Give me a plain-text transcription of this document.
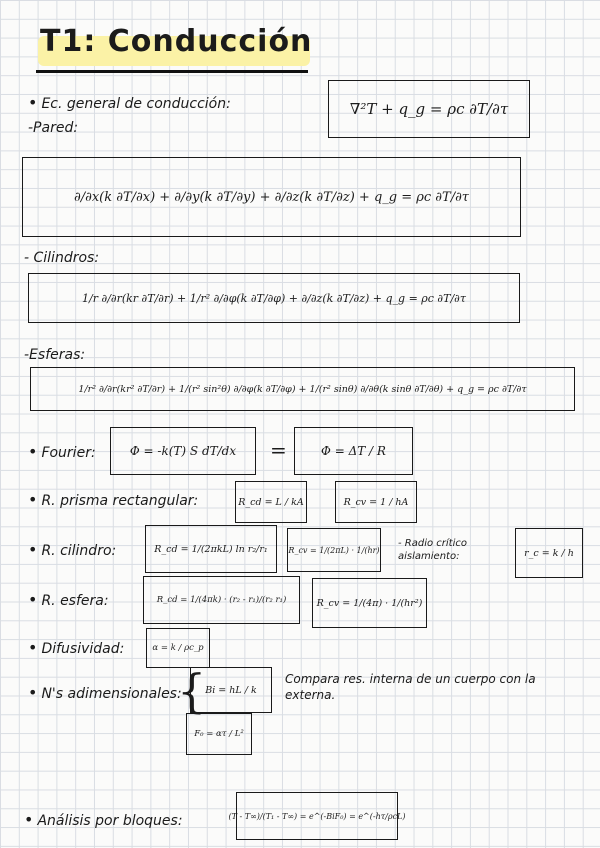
T1: Conducción
• Ec. general de conducción:
-Pared:
∇²T + q_g = ρc ∂T/∂τ
∂/∂x(k ∂T/∂x) + ∂/∂y(k ∂T/∂y) + ∂/∂z(k ∂T/∂z) + q_g = ρc ∂T/∂τ
- Cilindros:
1/r ∂/∂r(kr ∂T/∂r) + 1/r² ∂/∂φ(k ∂T/∂φ) + ∂/∂z(k ∂T/∂z) + q_g = ρc ∂T/∂τ
-Esferas:
1/r² ∂/∂r(kr² ∂T/∂r) + 1/(r² sin²θ) ∂/∂φ(k ∂T/∂φ) + 1/(r² sinθ) ∂/∂θ(k sinθ ∂T/∂θ) + q_g = ρc ∂T/∂τ
• Fourier:	Φ = -k(T) S dT/dx =	Φ = ΔT / R
• R. prisma rectangular:	R_cd = L / kA	R_cv = 1 / hA
• R. cilindro:	R_cd = 1/(2πkL) ln r₂/r₁	R_cv = 1/(2πL) · 1/(hr)
- Radio crítico aislamiento:	r_c = k / h
• R. esfera:	R_cd = 1/(4πk) · (r₂ - r₁)/(r₂ r₁)	R_cv = 1/(4π) · 1/(hr²)
• Difusividad:	α = k / ρc_p
• N's adimensionales:
{
Bi = hL / k
Compara res. interna de un cuerpo con la externa.
F₀ = ατ / L²
• Análisis por bloques:	(T - T∞)/(T₁ - T∞) = e^(-BiF₀) = e^(-hτ/ρcL)
